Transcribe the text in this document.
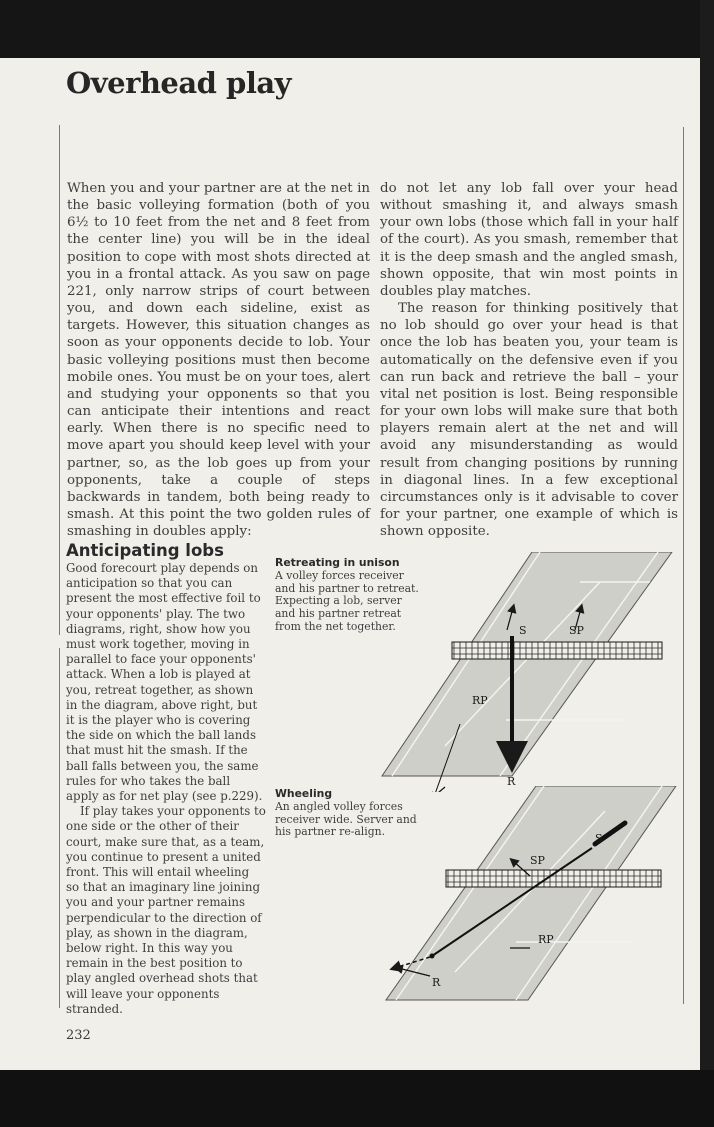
Overhead play

When you and your partner are at the net in the basic volleying formation (both of you 6½ to 10 feet from the net and 8 feet from the center line) you will be in the ideal position to cope with most shots directed at you in a frontal attack. As you saw on page 221, only narrow strips of court between you, and down each sideline, exist as targets. However, this situation changes as soon as your opponents decide to lob. Your basic volleying positions must then become mobile ones. You must be on your toes, alert and studying your opponents so that you can anticipate their intentions and react early. When there is no specific need to move apart you should keep level with your partner, so, as the lob goes up from your opponents, take a couple of steps backwards in tandem, both being ready to smash. At this point the two golden rules of smashing in doubles apply:

do not let any lob fall over your head without smashing it, and always smash your own lobs (those which fall in your half of the court). As you smash, remember that it is the deep smash and the angled smash, shown opposite, that win most points in doubles play matches.

The reason for thinking positively that no lob should go over your head is that once the lob has beaten you, your team is automatically on the defensive even if you can run back and retrieve the ball – your vital net position is lost. Being responsible for your own lobs will make sure that both players remain alert at the net and will avoid any misunderstanding as would result from changing positions by running in diagonal lines. In a few exceptional circumstances only is it advisable to cover for your partner, one example of which is shown opposite.

Anticipating lobs

Good forecourt play depends on anticipation so that you can present the most effective foil to your opponents' play. The two diagrams, right, show how you must work together, moving in parallel to face your opponents' attack. When a lob is played at you, retreat together, as shown in the diagram, above right, but it is the player who is covering the side on which the ball lands that must hit the smash. If the ball falls between you, the same rules for who takes the ball apply as for net play (see p.229).

If play takes your opponents to one side or the other of their court, make sure that, as a team, you continue to present a united front. This will entail wheeling so that an imaginary line joining you and your partner remains perpendicular to the direction of play, as shown in the diagram, below right. In this way you remain in the best position to play angled overhead shots that will leave your opponents stranded.

Retreating in unison
A volley forces receiver and his partner to retreat. Expecting a lob, server and his partner retreat from the net together.
Wheeling
An angled volley forces receiver wide. Server and his partner re-align.
S	SP
RP
R
S
SP
RP
R
232
